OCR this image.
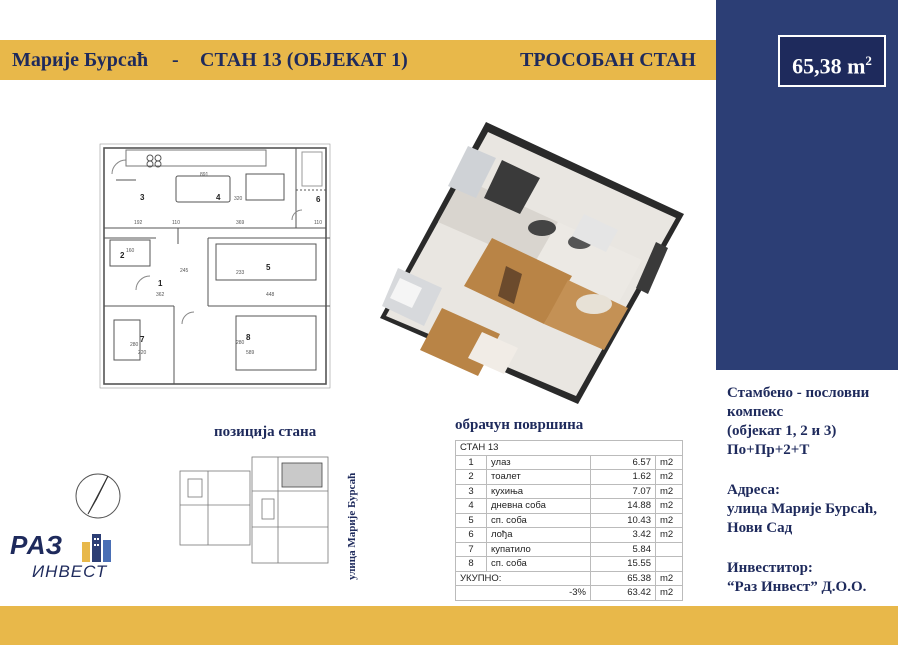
Марије Бурсаћ - СТАН 13 (ОБЈЕКАТ 1)	ТРОСОБАН СТАН	65,38 $m^2$
Стамбено - пословни
компекс
(објекат 1, 2 и 3)
По+Пр+2+Т
Адреса:
улица Марије Бурсаћ,
Нови Сад
Инвеститор:
“Раз Инвест” Д.О.О.
3	4
2
1
5
6
7	8
891
192	110	369	110
160
320
362
245	233
448
280
220	589
280
позиција стана
улица Марије Бурсаћ
обрачун површина
СТАН 13			
1	улаз	6.57	m2
2	тоалет	1.62	m2
3	кухиња	7.07	m2
4	дневна соба	14.88	m2
5	сп. соба	10.43	m2
6	лођа	3.42	m2
7	купатило	5.84	
8	сп. соба	15.55	
УКУПНО:		65.38	m2
-3%		63.42	m2
РАЗ
ИНВЕСТ
